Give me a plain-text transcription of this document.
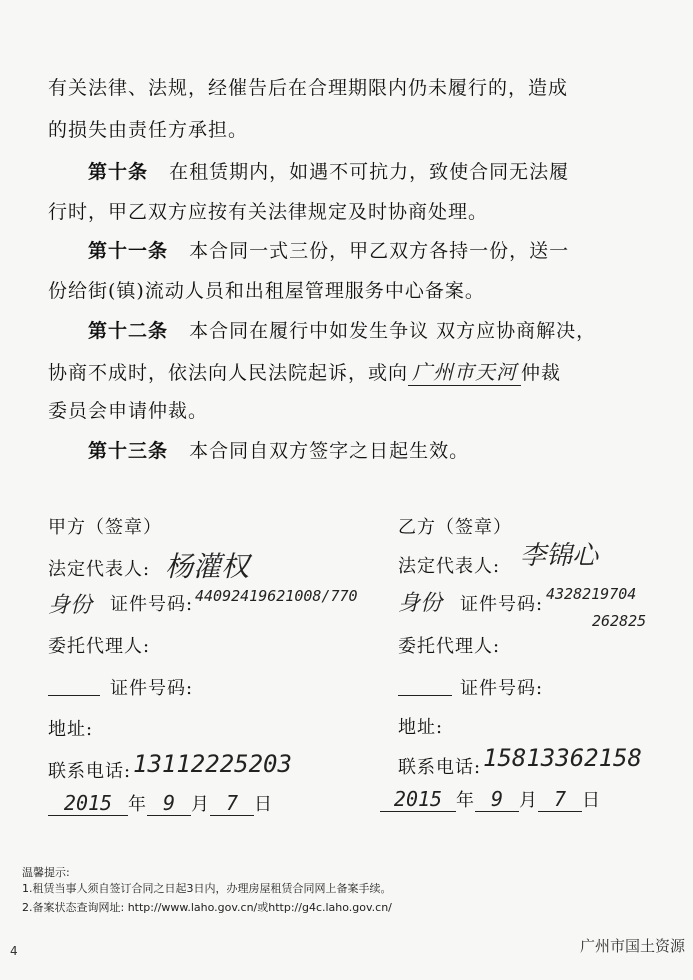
有关法律、法规，经催告后在合理期限内仍未履行的，造成
的损失由责任方承担。
第十条 在租赁期内，如遇不可抗力，致使合同无法履
行时，甲乙双方应按有关法律规定及时协商处理。
第十一条 本合同一式三份，甲乙双方各持一份，送一
份给街(镇)流动人员和出租屋管理服务中心备案。
第十二条 本合同在履行中如发生争议 双方应协商解决，
协商不成时，依法向人民法院起诉，或向 广州市天河 仲裁
委员会申请仲裁。
第十三条 本合同自双方签字之日起生效。
甲方（签章）
法定代表人: 杨灌权
身份 证件号码: 44092419621008/770
委托代理人:
证件号码:
地址:
联系电话: 13112225203
2015 年 9 月 7 日
乙方（签章）
法定代表人: 李锦心
身份 证件号码: 4328219704
262825
委托代理人:
证件号码:
地址:
联系电话: 15813362158
2015 年 9 月 7 日
温馨提示:
1.租赁当事人须自签订合同之日起3日内，办理房屋租赁合同网上备案手续。
2.备案状态查询网址: http://www.laho.gov.cn/或http://g4c.laho.gov.cn/
4	广州市国土资源
